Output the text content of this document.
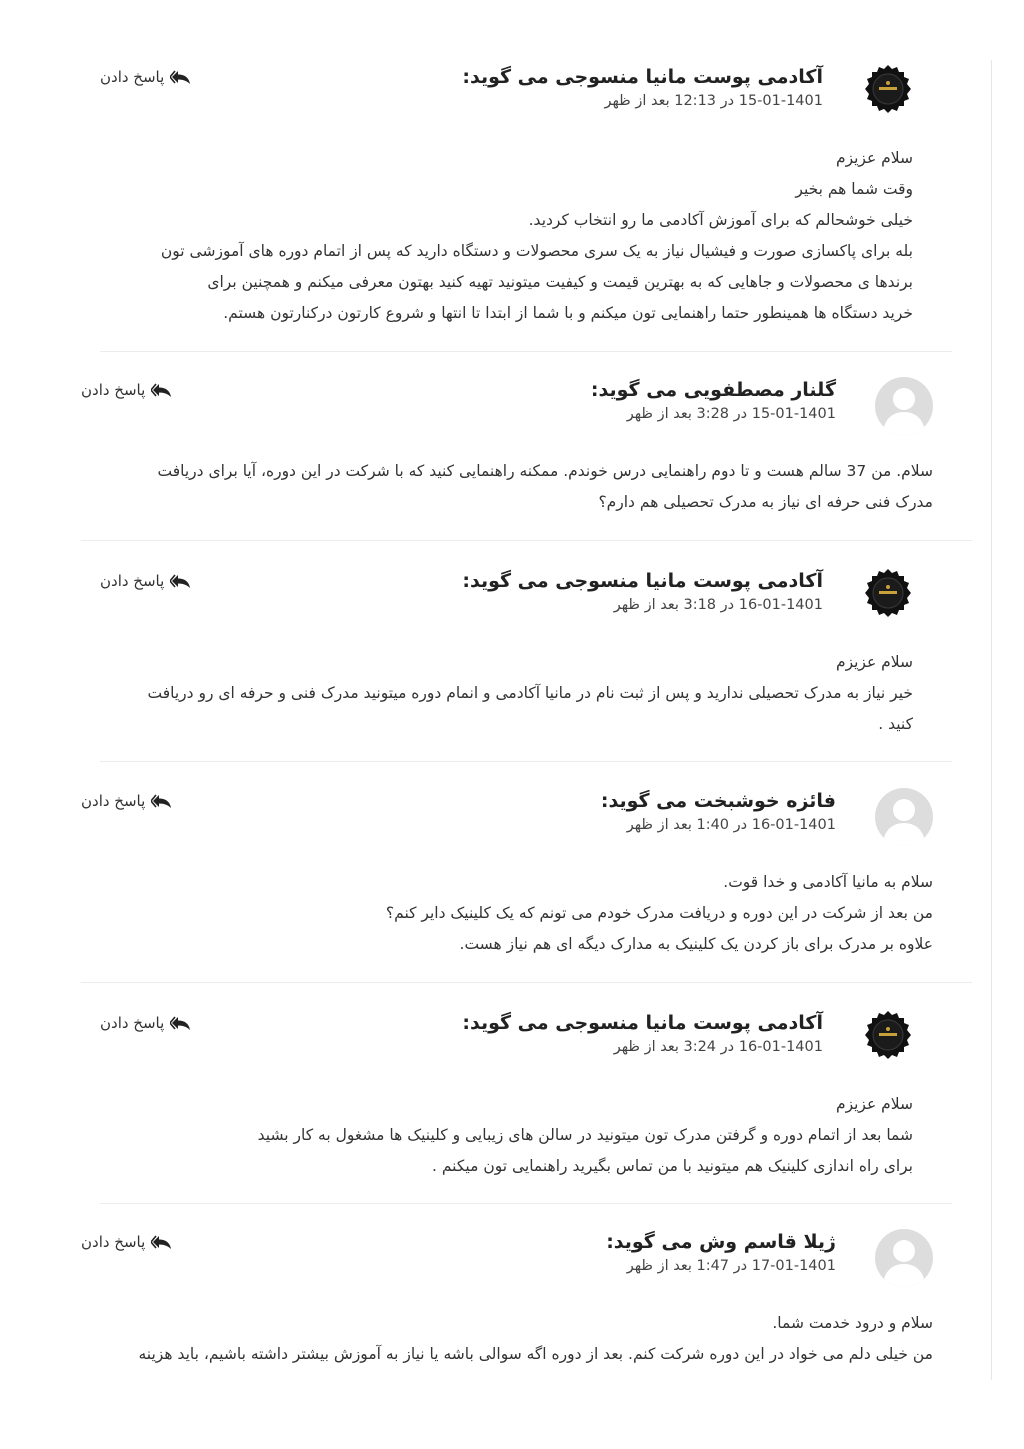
آکادمی پوست مانیا منسوجی می گوید:
15-01-1401 در 12:13 بعد از ظهر
پاسخ دادن

سلام عزیزم

وقت شما هم بخیر

خیلی خوشحالم که برای آموزش آکادمی ما رو انتخاب کردید.

بله برای پاکسازی صورت و فیشیال نیاز به یک سری محصولات و دستگاه دارید که پس از اتمام دوره های آموزشی تون

برندها ی محصولات و جاهایی که به بهترین قیمت و کیفیت میتونید تهیه کنید بهتون معرفی میکنم و همچنین برای

خرید دستگاه ها همینطور حتما راهنمایی تون میکنم و با شما از ابتدا تا انتها و شروع کارتون درکنارتون هستم.

گلنار مصطفویی می گوید:
15-01-1401 در 3:28 بعد از ظهر
پاسخ دادن

سلام. من 37 سالم هست و تا دوم راهنمایی درس خوندم. ممکنه راهنمایی کنید که با شرکت در این دوره، آیا برای دریافت

مدرک فنی حرفه ای نیاز به مدرک تحصیلی هم دارم؟

آکادمی پوست مانیا منسوجی می گوید:
16-01-1401 در 3:18 بعد از ظهر
پاسخ دادن

سلام عزیزم

خیر نیاز به مدرک تحصیلی ندارید و پس از ثبت نام در مانیا آکادمی و انمام دوره میتونید مدرک فنی و حرفه ای رو دریافت

کنید .

فائزه خوشبخت می گوید:
16-01-1401 در 1:40 بعد از ظهر
پاسخ دادن

سلام به مانیا آکادمی و خدا قوت.

من بعد از شرکت در این دوره و دریافت مدرک خودم می تونم که یک کلینیک دایر کنم؟

علاوه بر مدرک برای باز کردن یک کلینیک به مدارک دیگه ای هم نیاز هست.

آکادمی پوست مانیا منسوجی می گوید:
16-01-1401 در 3:24 بعد از ظهر
پاسخ دادن

سلام عزیزم

شما بعد از اتمام دوره و گرفتن مدرک تون میتونید در سالن های زیبایی و کلینیک ها مشغول به کار بشید

برای راه اندازی کلینیک هم میتونید با من تماس بگیرید راهنمایی تون میکنم .

ژیلا قاسم وش می گوید:
17-01-1401 در 1:47 بعد از ظهر
پاسخ دادن

سلام و درود خدمت شما.

من خیلی دلم می خواد در این دوره شرکت کنم. بعد از دوره اگه سوالی باشه یا نیاز به آموزش بیشتر داشته باشیم، باید هزینه
